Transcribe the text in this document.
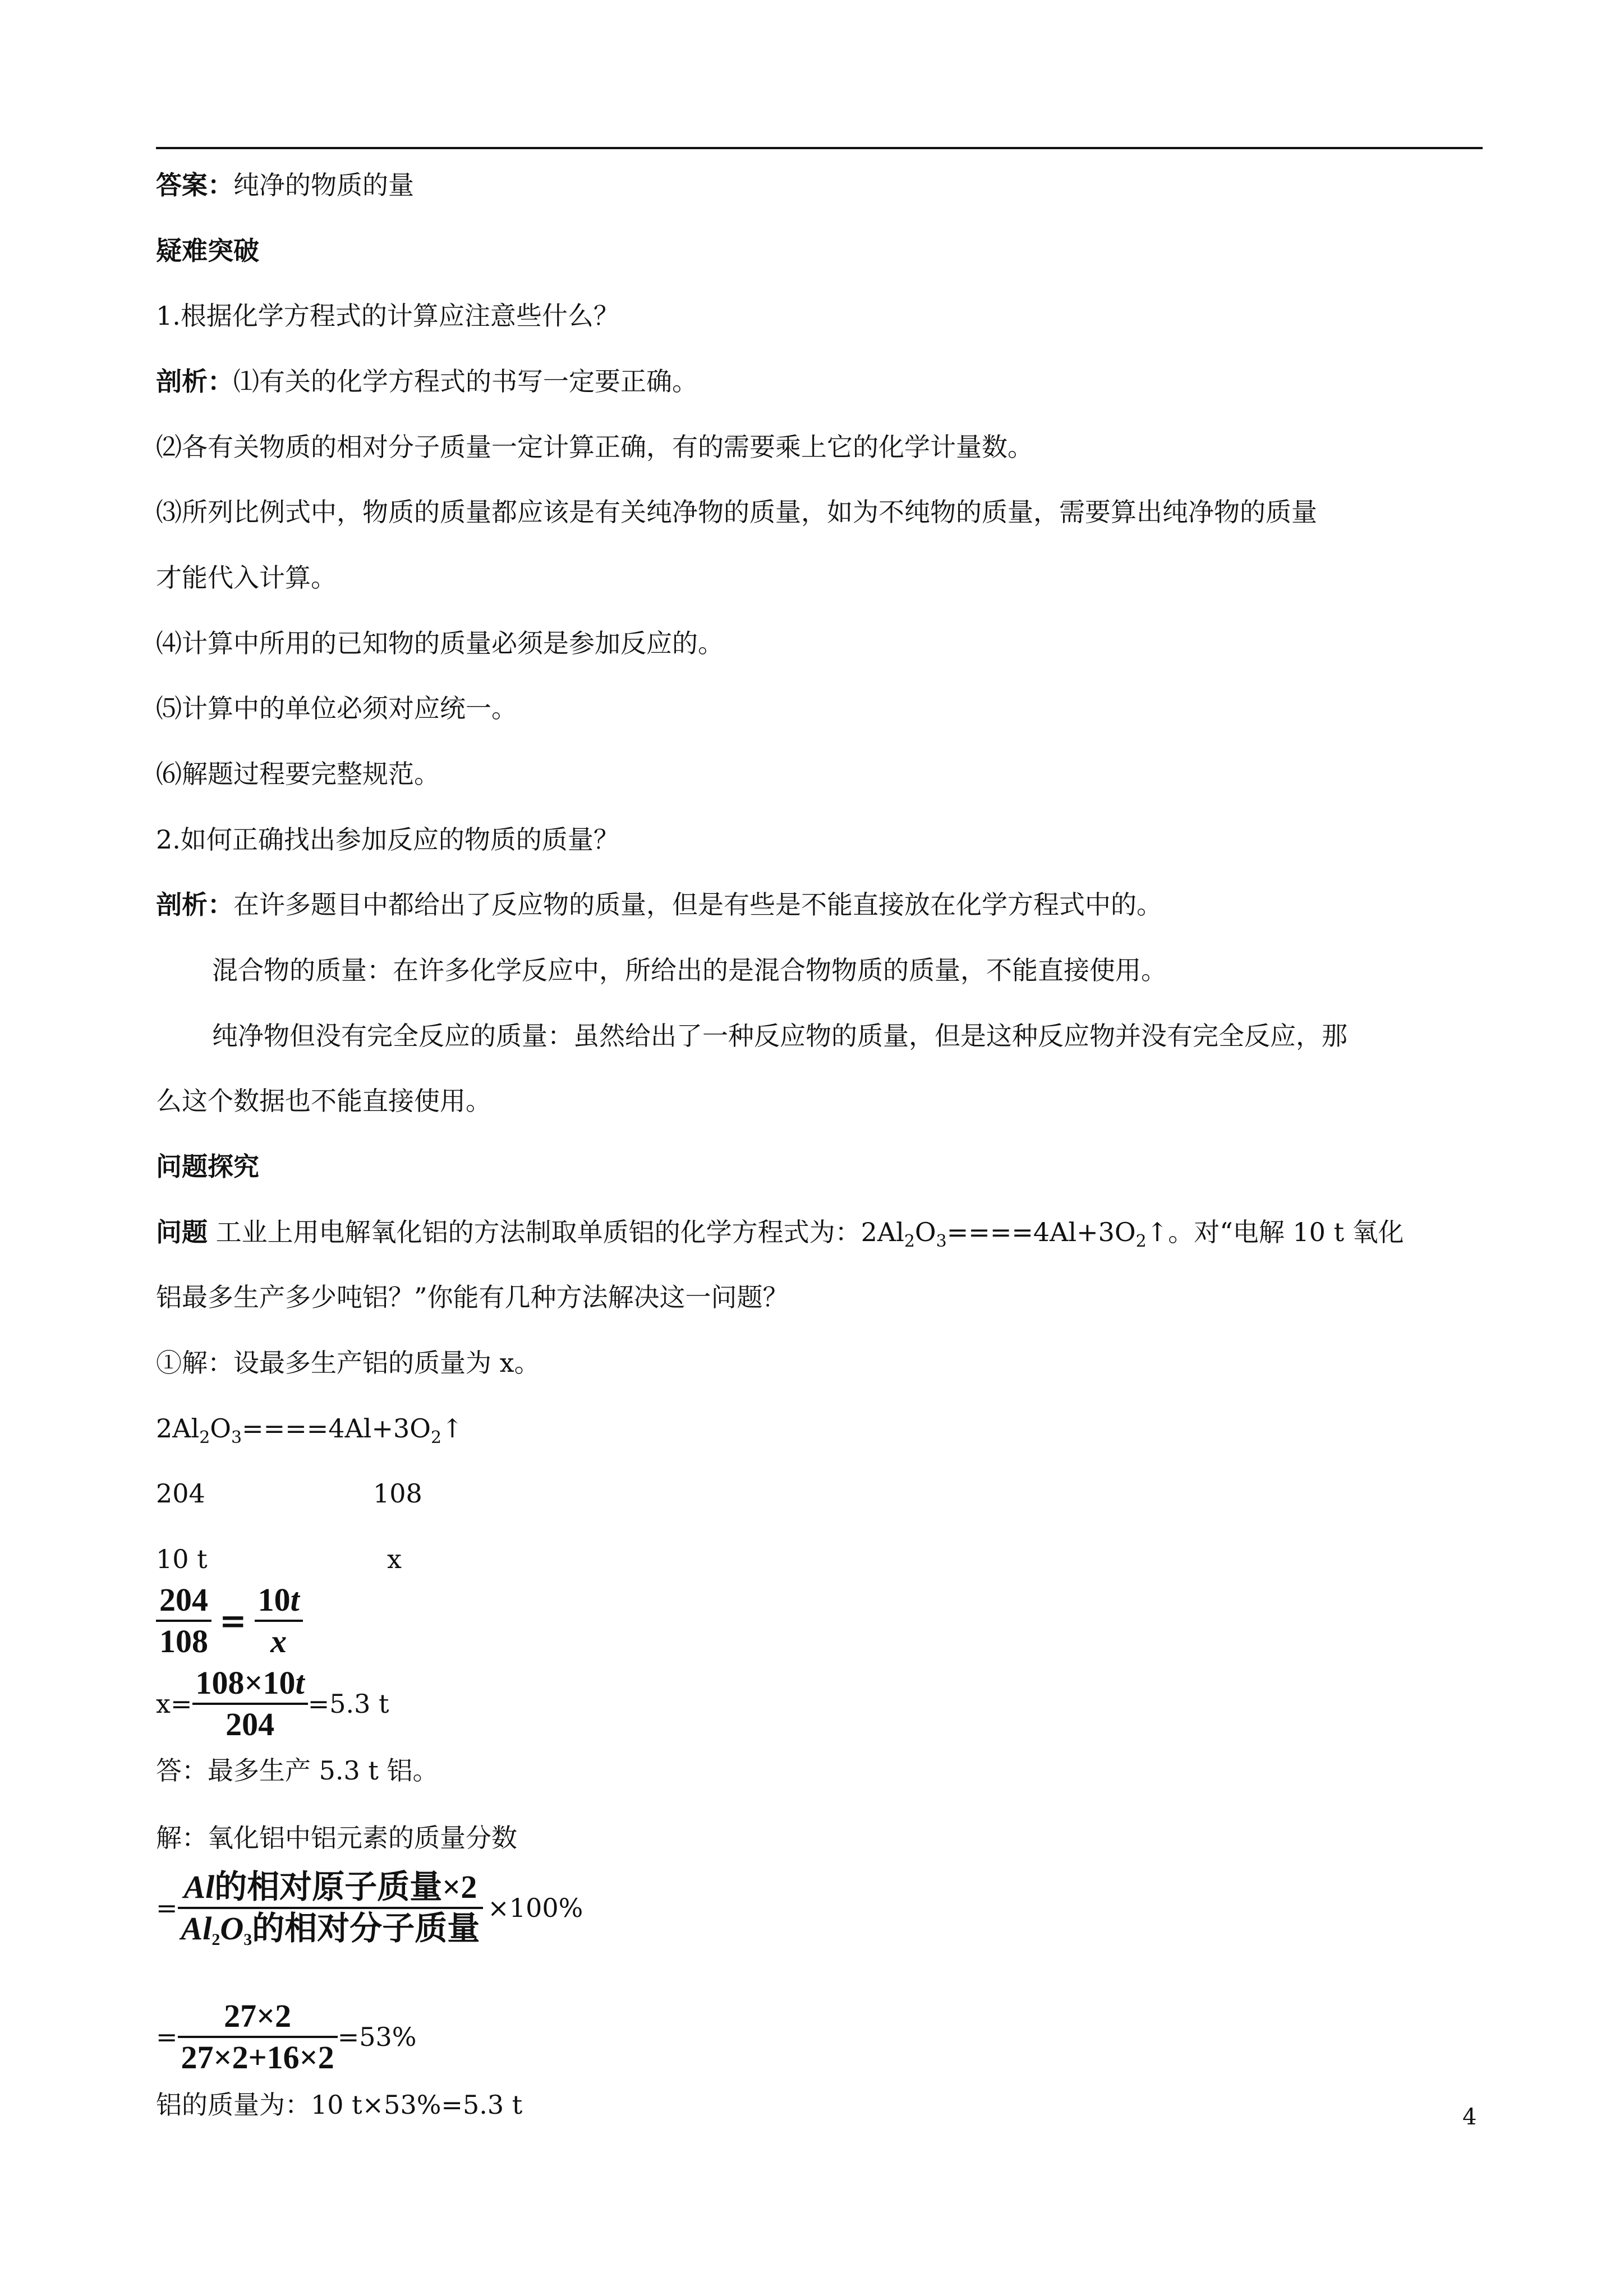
答案：纯净的物质的量
疑难突破
1.根据化学方程式的计算应注意些什么？
剖析：⑴有关的化学方程式的书写一定要正确。
⑵各有关物质的相对分子质量一定计算正确，有的需要乘上它的化学计量数。
⑶所列比例式中，物质的质量都应该是有关纯净物的质量，如为不纯物的质量，需要算出纯净物的质量
才能代入计算。
⑷计算中所用的已知物的质量必须是参加反应的。
⑸计算中的单位必须对应统一。
⑹解题过程要完整规范。
2.如何正确找出参加反应的物质的质量？
剖析：在许多题目中都给出了反应物的质量，但是有些是不能直接放在化学方程式中的。
混合物的质量：在许多化学反应中，所给出的是混合物物质的质量，不能直接使用。
纯净物但没有完全反应的质量：虽然给出了一种反应物的质量，但是这种反应物并没有完全反应，那
么这个数据也不能直接使用。
问题探究
问题 工业上用电解氧化铝的方法制取单质铝的化学方程式为：$2Al_2O_3====4Al+3O_2↑$。对“电解 10 t 氧化
铝最多生产多少吨铝？”你能有几种方法解决这一问题？
①解：设最多生产铝的质量为 x。
$2Al_2O_3====4Al+3O_2↑$
204	108
10 t	x
$\frac{204}{108} = \frac{10t}{x}$
$x= \frac{108\times 10t}{204} =5.3$ t
答：最多生产 5.3 t 铝。
解：氧化铝中铝元素的质量分数
= $\frac{\text{Al的相对原子质量×2}}{Al_2O_3的相对分子质量} \times 100\%$
= $\frac{27\times 2}{27\times 2+16\times 2} =53\%$
铝的质量为：10 t×53%=5.3 t	4
